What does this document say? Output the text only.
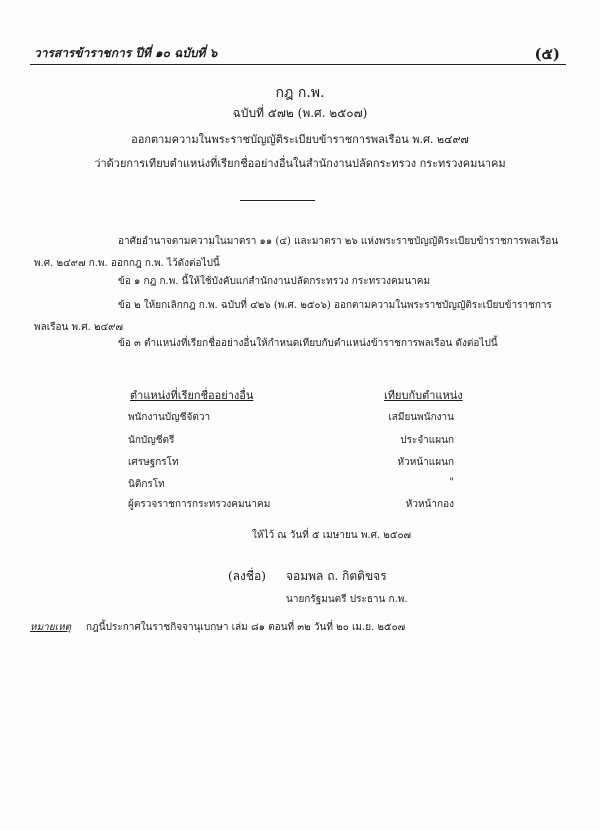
วารสารข้าราชการ ปีที่ ๑๐ ฉบับที่ ๖	(๕)
กฎ ก.พ.
ฉบับที่ ๕๗๒ (พ.ศ. ๒๕๐๗)
ออกตามความในพระราชบัญญัติระเบียบข้าราชการพลเรือน พ.ศ. ๒๔๙๗
ว่าด้วยการเทียบตำแหน่งที่เรียกชื่ออย่างอื่นในสำนักงานปลัดกระทรวง กระทรวงคมนาคม
อาศัยอำนาจตามความในมาตรา ๑๑ (๔) และมาตรา ๒๖ แห่งพระราชบัญญัติระเบียบข้าราชการพลเรือน
พ.ศ. ๒๔๙๗ ก.พ. ออกกฎ ก.พ. ไว้ดังต่อไปนี้
ข้อ ๑ กฎ ก.พ. นี้ให้ใช้บังคับแก่สำนักงานปลัดกระทรวง กระทรวงคมนาคม
ข้อ ๒ ให้ยกเลิกกฎ ก.พ. ฉบับที่ ๔๒๖ (พ.ศ. ๒๕๐๖) ออกตามความในพระราชบัญญัติระเบียบข้าราชการ
พลเรือน พ.ศ. ๒๔๙๗
ข้อ ๓ ตำแหน่งที่เรียกชื่ออย่างอื่นให้กำหนดเทียบกับตำแหน่งข้าราชการพลเรือน ดังต่อไปนี้
ตำแหน่งที่เรียกชื่ออย่างอื่น	เทียบกับตำแหน่ง
พนักงานบัญชีจัตวา	เสมียนพนักงาน
นักบัญชีตรี	ประจำแผนก
เศรษฐกรโท	หัวหน้าแผนก
นิติกรโท	"
ผู้ตรวจราชการกระทรวงคมนาคม	หัวหน้ากอง
ให้ไว้ ณ วันที่ ๕ เมษายน พ.ศ. ๒๕๐๗
(ลงชื่อ) จอมพล ถ. กิตติขจร
นายกรัฐมนตรี ประธาน ก.พ.
หมายเหตุ กฎนี้ประกาศในราชกิจจานุเบกษา เล่ม ๘๑ ตอนที่ ๓๒ วันที่ ๒๐ เม.ย. ๒๕๐๗
